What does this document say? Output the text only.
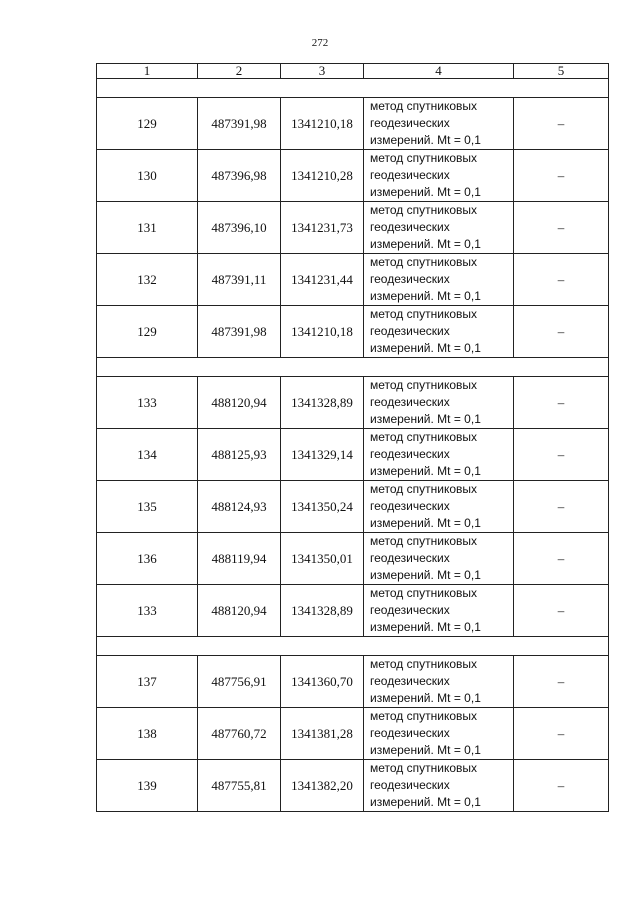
272
1	2	3	4	5

129	487391,98	1341210,18	метод спутниковых
геодезических
измерений. Mt = 0,1	–
130	487396,98	1341210,28	метод спутниковых
геодезических
измерений. Mt = 0,1	–
131	487396,10	1341231,73	метод спутниковых
геодезических
измерений. Mt = 0,1	–
132	487391,11	1341231,44	метод спутниковых
геодезических
измерений. Mt = 0,1	–
129	487391,98	1341210,18	метод спутниковых
геодезических
измерений. Mt = 0,1	–

133	488120,94	1341328,89	метод спутниковых
геодезических
измерений. Mt = 0,1	–
134	488125,93	1341329,14	метод спутниковых
геодезических
измерений. Mt = 0,1	–
135	488124,93	1341350,24	метод спутниковых
геодезических
измерений. Mt = 0,1	–
136	488119,94	1341350,01	метод спутниковых
геодезических
измерений. Mt = 0,1	–
133	488120,94	1341328,89	метод спутниковых
геодезических
измерений. Mt = 0,1	–

137	487756,91	1341360,70	метод спутниковых
геодезических
измерений. Mt = 0,1	–
138	487760,72	1341381,28	метод спутниковых
геодезических
измерений. Mt = 0,1	–
139	487755,81	1341382,20	метод спутниковых
геодезических
измерений. Mt = 0,1	–
